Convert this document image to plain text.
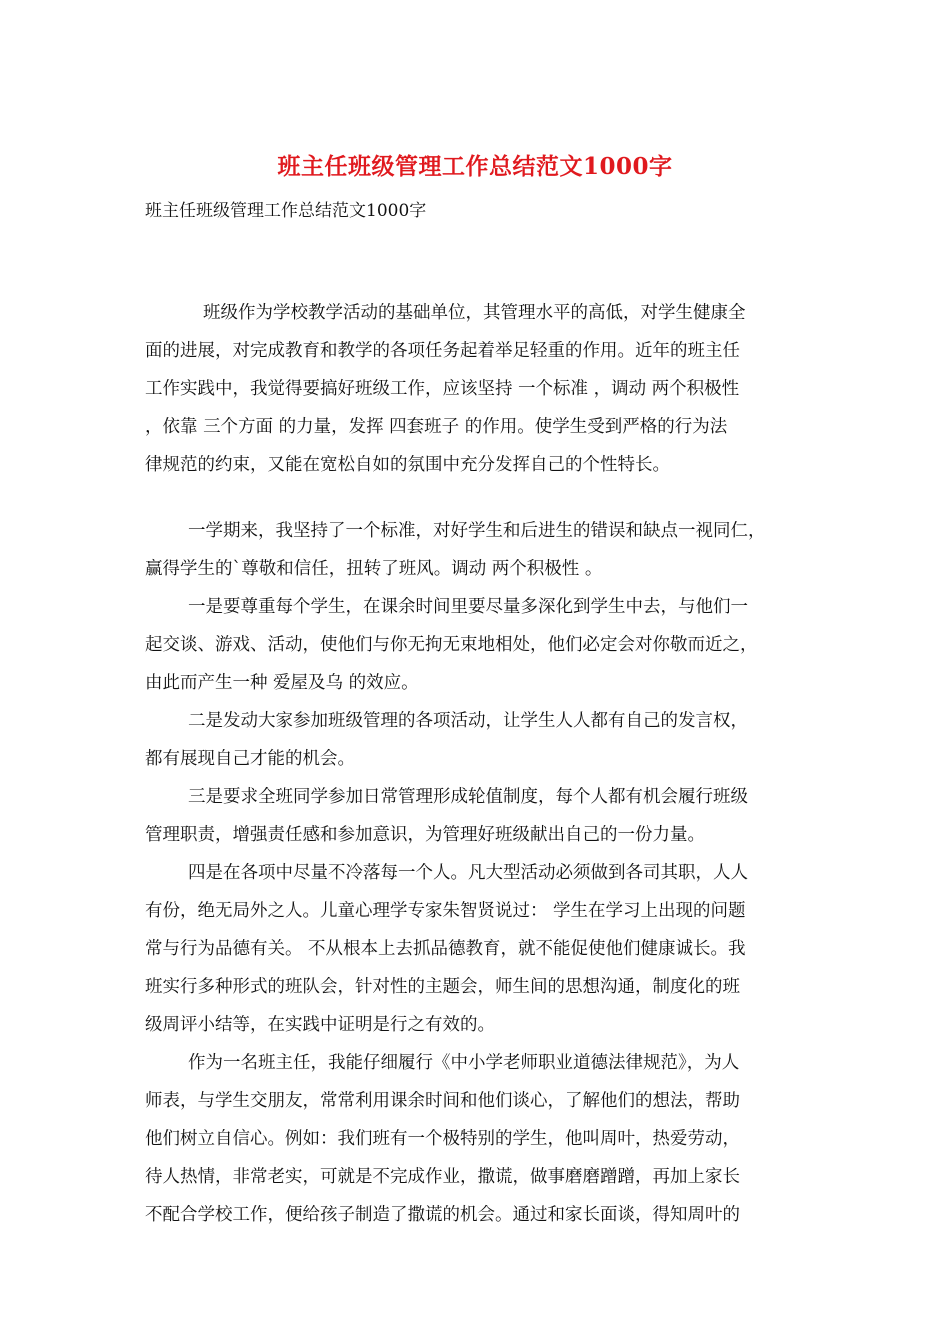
班主任班级管理工作总结范文1000字
班主任班级管理工作总结范文1000字
班级作为学校教学活动的基础单位，其管理水平的高低，对学生健康全
面的进展，对完成教育和教学的各项任务起着举足轻重的作用。近年的班主任
工作实践中，我觉得要搞好班级工作，应该坚持 一个标准 ，调动 两个积极性
，依靠 三个方面 的力量，发挥 四套班子 的作用。使学生受到严格的行为法
律规范的约束，又能在宽松自如的氛围中充分发挥自己的个性特长。
一学期来，我坚持了一个标准，对好学生和后进生的错误和缺点一视同仁，
赢得学生的`尊敬和信任，扭转了班风。调动 两个积极性 。
一是要尊重每个学生，在课余时间里要尽量多深化到学生中去，与他们一
起交谈、游戏、活动，使他们与你无拘无束地相处，他们必定会对你敬而近之，
由此而产生一种 爱屋及乌 的效应。
二是发动大家参加班级管理的各项活动，让学生人人都有自己的发言权，
都有展现自己才能的机会。
三是要求全班同学参加日常管理形成轮值制度，每个人都有机会履行班级
管理职责，增强责任感和参加意识，为管理好班级献出自己的一份力量。
四是在各项中尽量不冷落每一个人。凡大型活动必须做到各司其职，人人
有份，绝无局外之人。儿童心理学专家朱智贤说过： 学生在学习上出现的问题
常与行为品德有关。 不从根本上去抓品德教育，就不能促使他们健康诚长。我
班实行多种形式的班队会，针对性的主题会，师生间的思想沟通，制度化的班
级周评小结等，在实践中证明是行之有效的。
作为一名班主任，我能仔细履行《中小学老师职业道德法律规范》，为人
师表，与学生交朋友，常常利用课余时间和他们谈心，了解他们的想法，帮助
他们树立自信心。例如：我们班有一个极特别的学生，他叫周叶，热爱劳动，
待人热情，非常老实，可就是不完成作业，撒谎，做事磨磨蹭蹭，再加上家长
不配合学校工作，便给孩子制造了撒谎的机会。通过和家长面谈，得知周叶的
